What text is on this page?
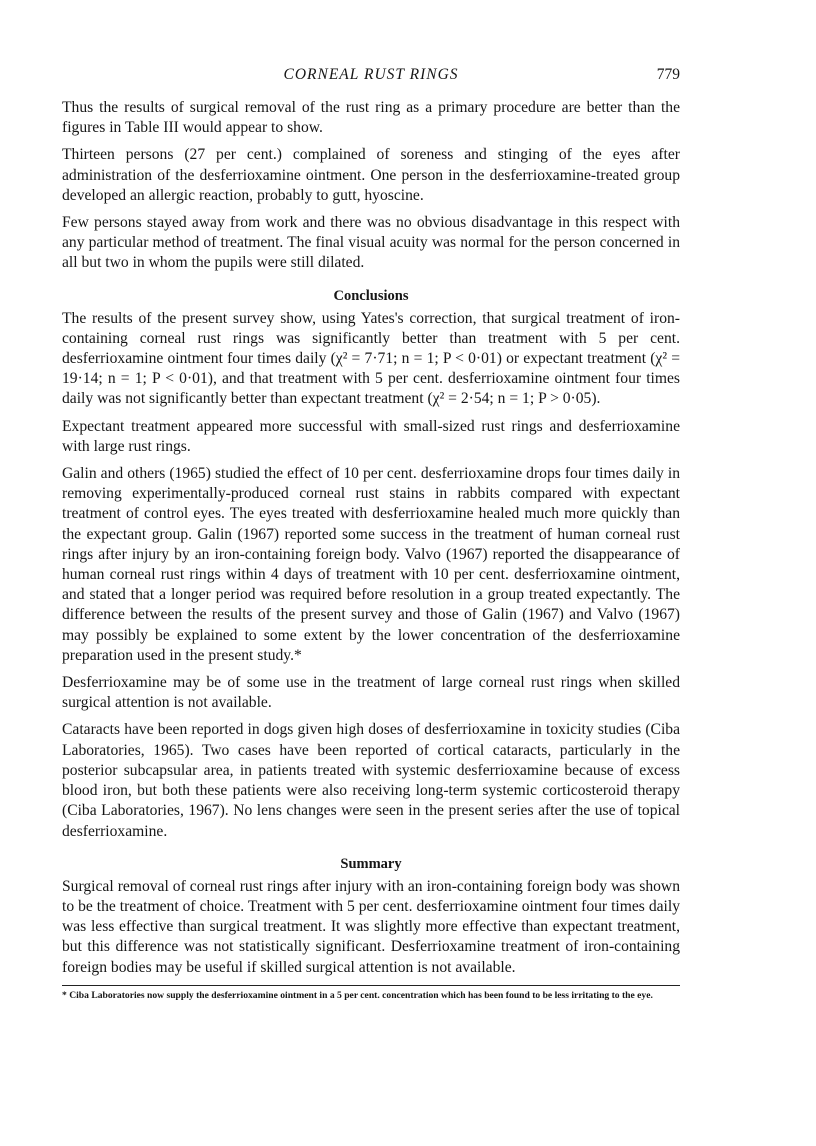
CORNEAL RUST RINGS	779

Thus the results of surgical removal of the rust ring as a primary procedure are better than the figures in Table III would appear to show.

Thirteen persons (27 per cent.) complained of soreness and stinging of the eyes after administration of the desferrioxamine ointment. One person in the desferrioxamine-treated group developed an allergic reaction, probably to gutt, hyoscine.

Few persons stayed away from work and there was no obvious disadvantage in this respect with any particular method of treatment. The final visual acuity was normal for the person concerned in all but two in whom the pupils were still dilated.

Conclusions

The results of the present survey show, using Yates's correction, that surgical treatment of iron-containing corneal rust rings was significantly better than treatment with 5 per cent. desferrioxamine ointment four times daily (χ² = 7·71; n = 1; P < 0·01) or expectant treatment (χ² = 19·14; n = 1; P < 0·01), and that treatment with 5 per cent. desferrioxamine ointment four times daily was not significantly better than expectant treatment (χ² = 2·54; n = 1; P > 0·05).

Expectant treatment appeared more successful with small-sized rust rings and desferrioxamine with large rust rings.

Galin and others (1965) studied the effect of 10 per cent. desferrioxamine drops four times daily in removing experimentally-produced corneal rust stains in rabbits compared with expectant treatment of control eyes. The eyes treated with desferrioxamine healed much more quickly than the expectant group. Galin (1967) reported some success in the treatment of human corneal rust rings after injury by an iron-containing foreign body. Valvo (1967) reported the disappearance of human corneal rust rings within 4 days of treatment with 10 per cent. desferrioxamine ointment, and stated that a longer period was required before resolution in a group treated expectantly. The difference between the results of the present survey and those of Galin (1967) and Valvo (1967) may possibly be explained to some extent by the lower concentration of the desferrioxamine preparation used in the present study.*

Desferrioxamine may be of some use in the treatment of large corneal rust rings when skilled surgical attention is not available.

Cataracts have been reported in dogs given high doses of desferrioxamine in toxicity studies (Ciba Laboratories, 1965). Two cases have been reported of cortical cataracts, particularly in the posterior subcapsular area, in patients treated with systemic desferrioxamine because of excess blood iron, but both these patients were also receiving long-term systemic corticosteroid therapy (Ciba Laboratories, 1967). No lens changes were seen in the present series after the use of topical desferrioxamine.

Summary

Surgical removal of corneal rust rings after injury with an iron-containing foreign body was shown to be the treatment of choice. Treatment with 5 per cent. desferrioxamine ointment four times daily was less effective than surgical treatment. It was slightly more effective than expectant treatment, but this difference was not statistically significant. Desferrioxamine treatment of iron-containing foreign bodies may be useful if skilled surgical attention is not available.

* Ciba Laboratories now supply the desferrioxamine ointment in a 5 per cent. concentration which has been found to be less irritating to the eye.
